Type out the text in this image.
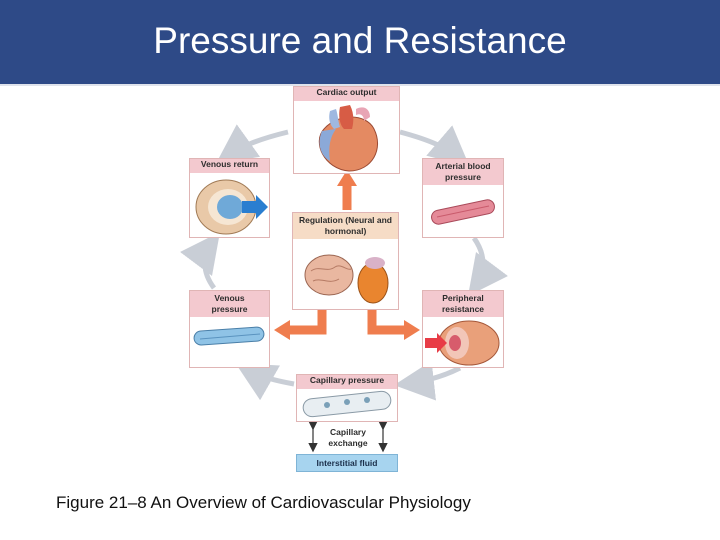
Pressure and Resistance
Cardiac output
Venous return	Arterial blood pressure
Regulation (Neural and hormonal)
Venous pressure
Peripheral resistance
Capillary pressure
Capillary exchange
Interstitial fluid
Figure 21–8 An Overview of Cardiovascular Physiology
